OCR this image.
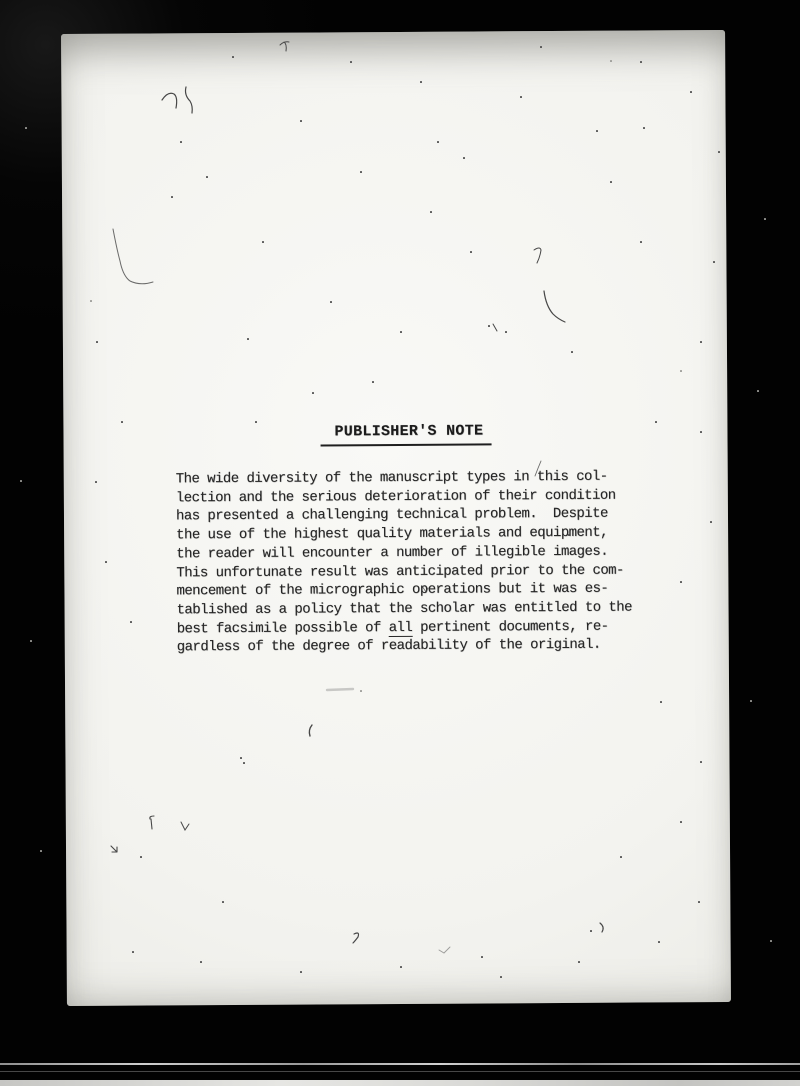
PUBLISHER'S NOTE
The wide diversity of the manuscript types in this col-
lection and the serious deterioration of their condition
has presented a challenging technical problem.  Despite
the use of the highest quality materials and equipment,
the reader will encounter a number of illegible images.
This unfortunate result was anticipated prior to the com-
mencement of the micrographic operations but it was es-
tablished as a policy that the scholar was entitled to the
best facsimile possible of all pertinent documents, re-
gardless of the degree of readability of the original.
